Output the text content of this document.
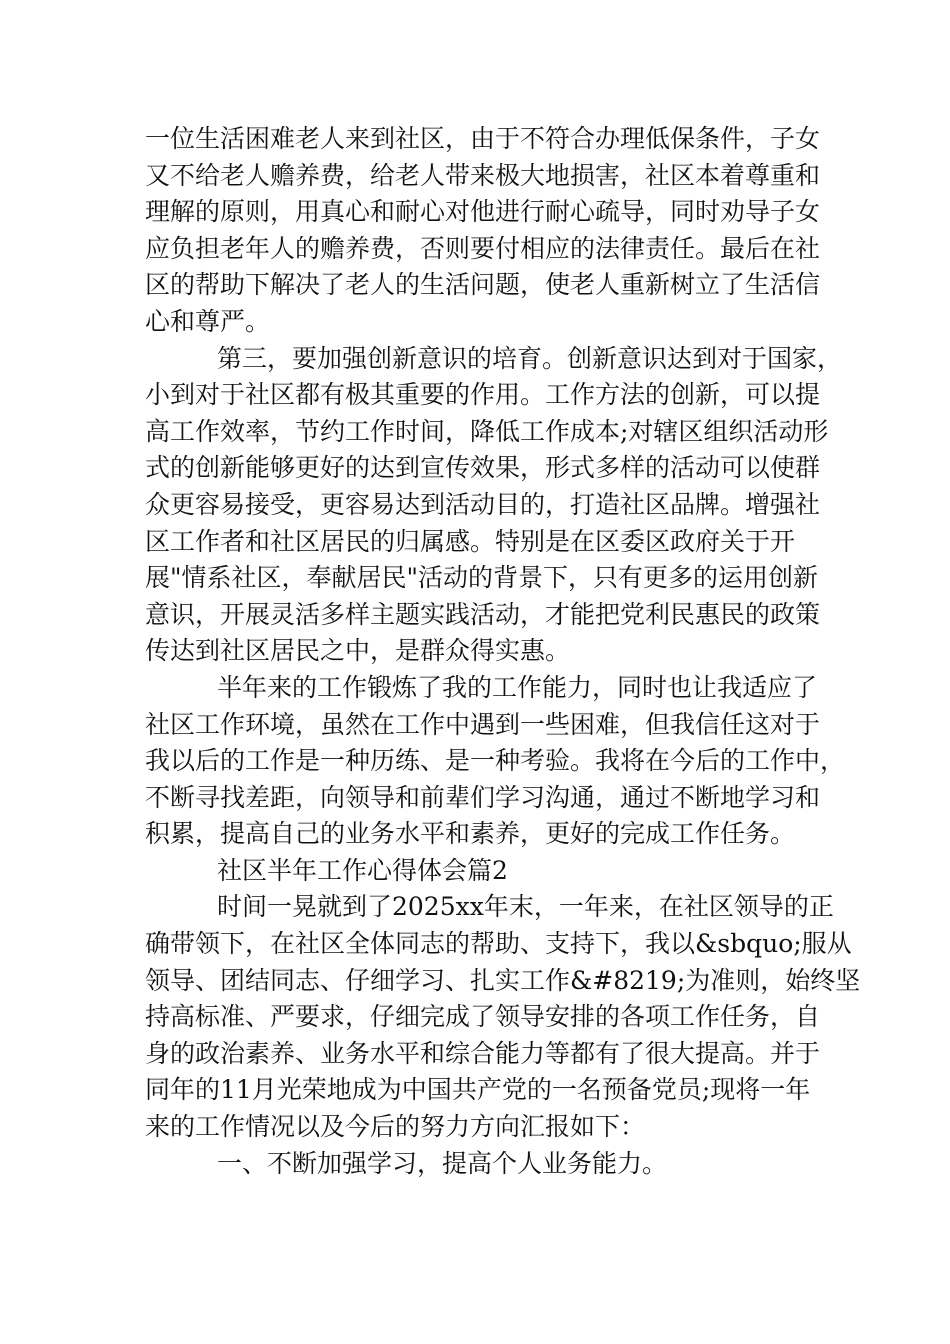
一位生活困难老人来到社区，由于不符合办理低保条件，子女
又不给老人赡养费，给老人带来极大地损害，社区本着尊重和
理解的原则，用真心和耐心对他进行耐心疏导，同时劝导子女
应负担老年人的赡养费，否则要付相应的法律责任。最后在社
区的帮助下解决了老人的生活问题，使老人重新树立了生活信
心和尊严。
第三，要加强创新意识的培育。创新意识达到对于国家，
小到对于社区都有极其重要的作用。工作方法的创新，可以提
高工作效率，节约工作时间，降低工作成本;对辖区组织活动形
式的创新能够更好的达到宣传效果，形式多样的活动可以使群
众更容易接受，更容易达到活动目的，打造社区品牌。增强社
区工作者和社区居民的归属感。特别是在区委区政府关于开
展"情系社区，奉献居民"活动的背景下，只有更多的运用创新
意识，开展灵活多样主题实践活动，才能把党利民惠民的政策
传达到社区居民之中，是群众得实惠。
半年来的工作锻炼了我的工作能力，同时也让我适应了
社区工作环境，虽然在工作中遇到一些困难，但我信任这对于
我以后的工作是一种历练、是一种考验。我将在今后的工作中，
不断寻找差距，向领导和前辈们学习沟通，通过不断地学习和
积累，提高自己的业务水平和素养，更好的完成工作任务。
社区半年工作心得体会篇2
时间一晃就到了2025xx年末，一年来，在社区领导的正
确带领下，在社区全体同志的帮助、支持下，我以&sbquo;服从
领导、团结同志、仔细学习、扎实工作&#8219;为准则，始终坚
持高标准、严要求，仔细完成了领导安排的各项工作任务，自
身的政治素养、业务水平和综合能力等都有了很大提高。并于
同年的11月光荣地成为中国共产党的一名预备党员;现将一年
来的工作情况以及今后的努力方向汇报如下：
一、不断加强学习，提高个人业务能力。
